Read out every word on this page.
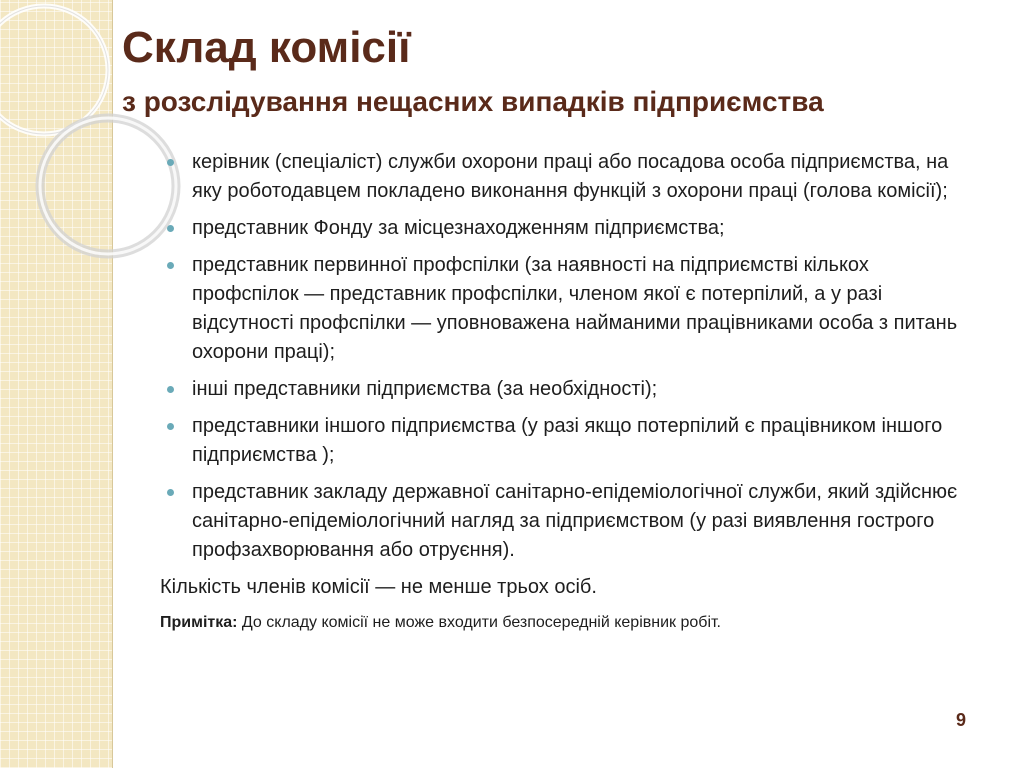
Склад комісії
з розслідування нещасних випадків підприємства
керівник (спеціаліст) служби охорони праці або посадова особа підприємства, на яку роботодавцем покладено виконання функцій з охорони праці (голова комісії);
представник Фонду за місцезнаходженням підприємства;
представник первинної профспілки (за наявності на підприємстві кількох профспілок — представник профспілки, членом якої є потерпілий, а у разі відсутності профспілки — уповноважена найманими працівниками особа з питань охорони праці);
інші представники підприємства (за необхідності);
представники іншого підприємства (у разі якщо потерпілий є працівником іншого підприємства );
представник закладу державної санітарно-епідеміологічної служби, який здійснює санітарно-епідеміологічний нагляд за підприємством (у разі виявлення гострого профзахворювання або отруєння).

Кількість членів комісії — не менше трьох осіб.

Примітка: До складу комісії не може входити безпосередній керівник робіт.

9
